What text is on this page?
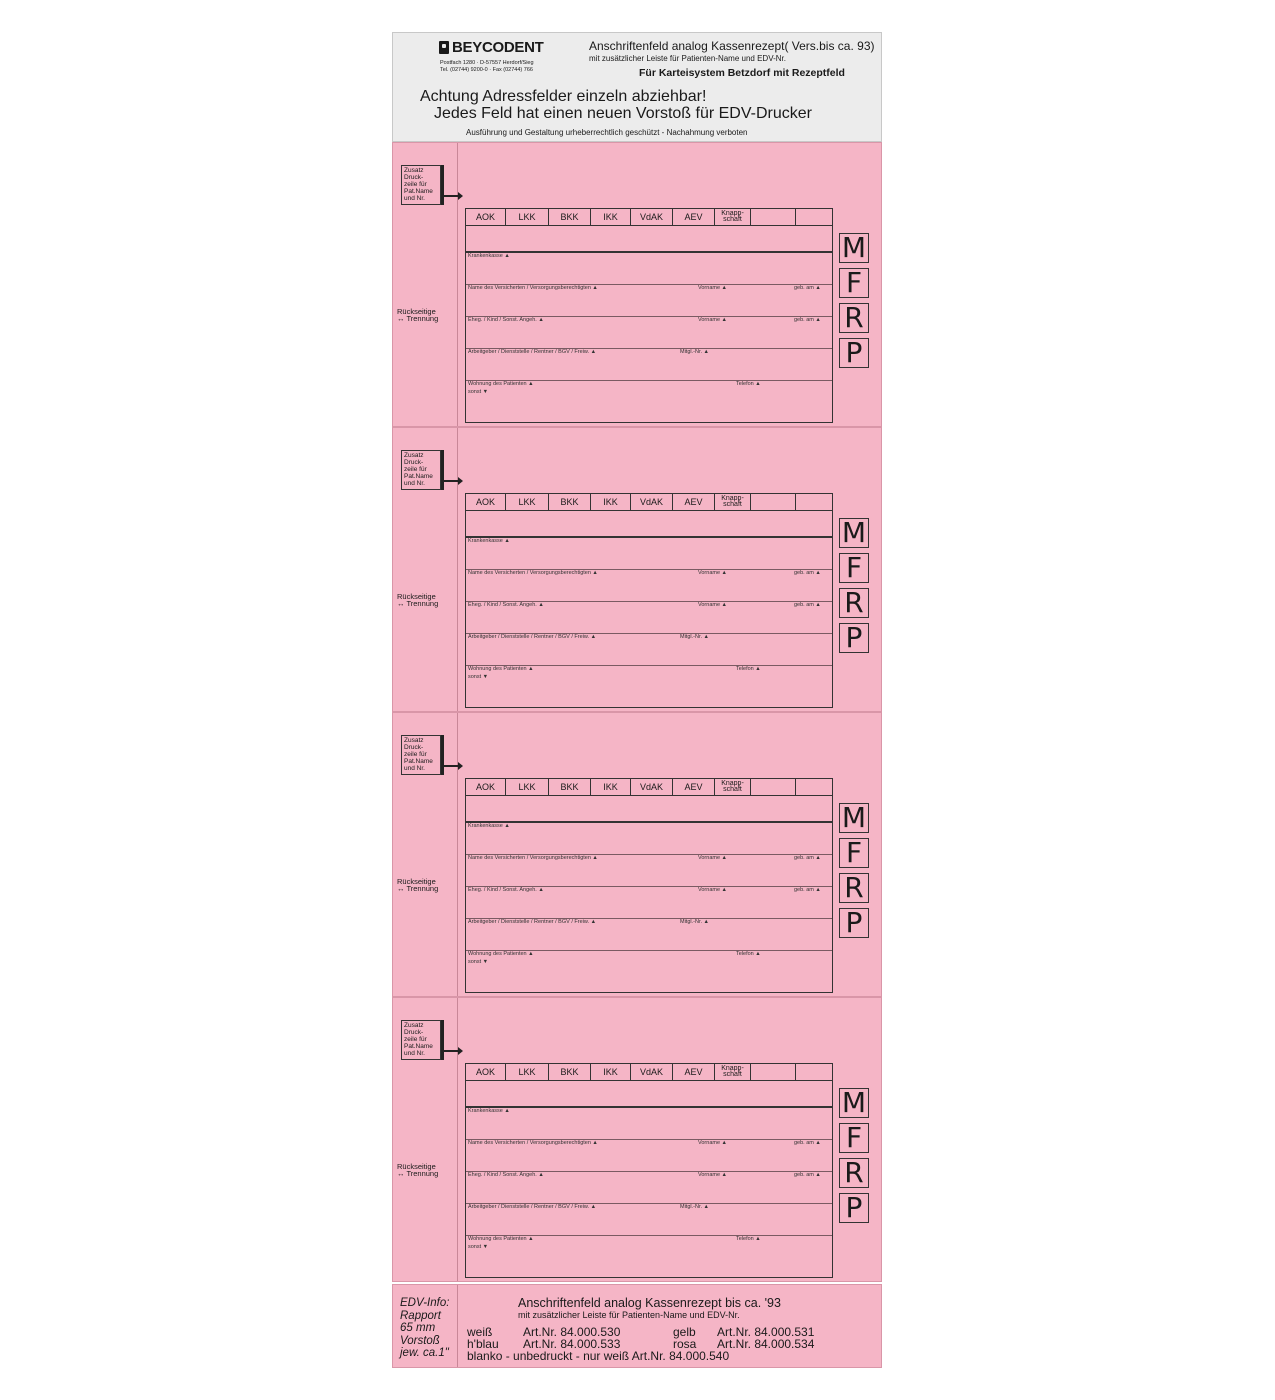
BEYCODENT
Postfach 1280 · D-57557 Herdorf/Sieg
Tel. (02744) 9200-0 · Fax (02744) 766
Anschriftenfeld analog Kassenrezept( Vers.bis ca. 93)
mit zusätzlicher Leiste für Patienten-Name und EDV-Nr.
Für Karteisystem Betzdorf mit Rezeptfeld
Achtung Adressfelder einzeln abziehbar!
Jedes Feld hat einen neuen Vorstoß für EDV-Drucker
Ausführung und Gestaltung urheberrechtlich geschützt - Nachahmung verboten
Zusatz
Druck-
zeile für
Pat.Name
und Nr.
Rückseitige
↔ Trennung
AOK	LKK	BKK	IKK	VdAK	AEV	Knapp-
schaft
Krankenkasse ▲
Name des Versicherten / Versorgungsberechtigten ▲	Vorname ▲	geb. am ▲
Eheg. / Kind / Sonst. Angeh. ▲	Vorname ▲	geb. am ▲
Arbeitgeber / Dienststelle / Rentner / BGV / Freiw. ▲	Mitgl.-Nr. ▲
Wohnung des Patienten ▲	Telefon ▲
sonst ▼
M
F
R
P
Zusatz
Druck-
zeile für
Pat.Name
und Nr.
Rückseitige
↔ Trennung
AOK	LKK	BKK	IKK	VdAK	AEV	Knapp-
schaft
Krankenkasse ▲
Name des Versicherten / Versorgungsberechtigten ▲	Vorname ▲	geb. am ▲
Eheg. / Kind / Sonst. Angeh. ▲	Vorname ▲	geb. am ▲
Arbeitgeber / Dienststelle / Rentner / BGV / Freiw. ▲	Mitgl.-Nr. ▲
Wohnung des Patienten ▲	Telefon ▲
sonst ▼
M
F
R
P
Zusatz
Druck-
zeile für
Pat.Name
und Nr.
Rückseitige
↔ Trennung
AOK	LKK	BKK	IKK	VdAK	AEV	Knapp-
schaft
Krankenkasse ▲
Name des Versicherten / Versorgungsberechtigten ▲	Vorname ▲	geb. am ▲
Eheg. / Kind / Sonst. Angeh. ▲	Vorname ▲	geb. am ▲
Arbeitgeber / Dienststelle / Rentner / BGV / Freiw. ▲	Mitgl.-Nr. ▲
Wohnung des Patienten ▲	Telefon ▲
sonst ▼
M
F
R
P
Zusatz
Druck-
zeile für
Pat.Name
und Nr.
Rückseitige
↔ Trennung
AOK	LKK	BKK	IKK	VdAK	AEV	Knapp-
schaft
Krankenkasse ▲
Name des Versicherten / Versorgungsberechtigten ▲	Vorname ▲	geb. am ▲
Eheg. / Kind / Sonst. Angeh. ▲	Vorname ▲	geb. am ▲
Arbeitgeber / Dienststelle / Rentner / BGV / Freiw. ▲	Mitgl.-Nr. ▲
Wohnung des Patienten ▲	Telefon ▲
sonst ▼
M
F
R
P
EDV-Info:
Rapport
65 mm
Vorstoß
jew. ca.1"
Anschriftenfeld analog Kassenrezept bis ca. '93
mit zusätzlicher Leiste für Patienten-Name und EDV-Nr.
weiß	Art.Nr. 84.000.530	gelb Art.Nr. 84.000.531
h'blau Art.Nr. 84.000.533	rosa Art.Nr. 84.000.534
blanko - unbedruckt - nur weiß Art.Nr. 84.000.540
